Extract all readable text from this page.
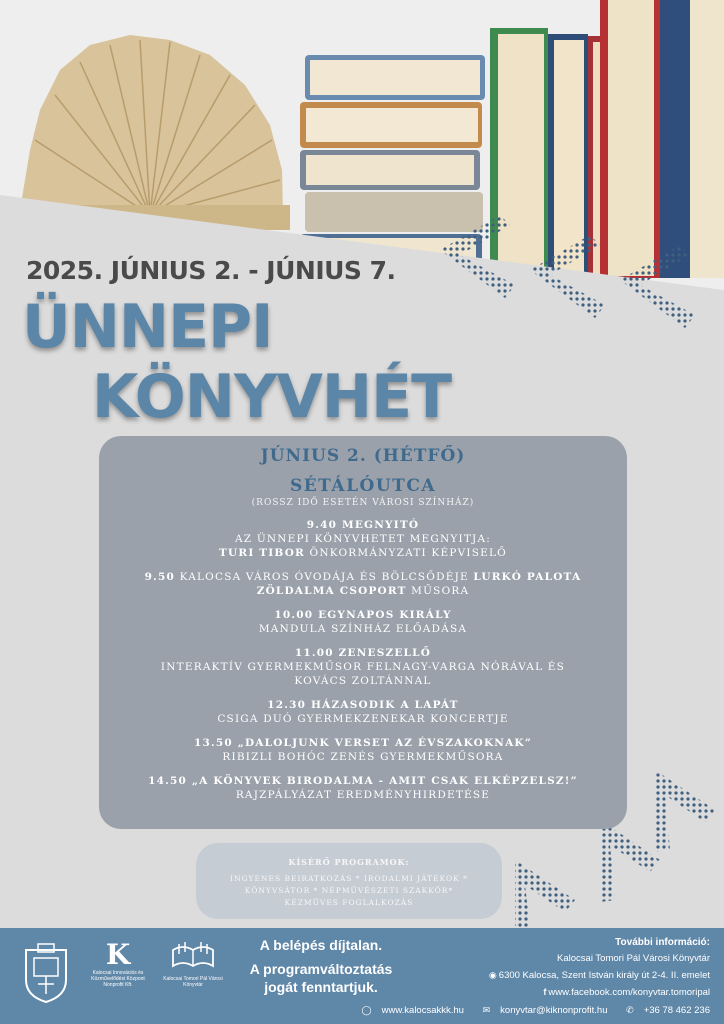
2025. JÚNIUS 2. - JÚNIUS 7.
ÜNNEPI
KÖNYVHÉT
JÚNIUS 2. (HÉTFŐ)
SÉTÁLÓUTCA
(ROSSZ IDŐ ESETÉN VÁROSI SZÍNHÁZ)
9.40 MEGNYITÓ
AZ ÜNNEPI KÖNYVHETET MEGNYITJA:
TURI TIBOR ÖNKORMÁNYZATI KÉPVISELŐ
9.50 KALOCSA VÁROS ÓVODÁJA ÉS BÖLCSŐDÉJE LURKÓ PALOTA
ZÖLDALMA CSOPORT MŰSORA
10.00 EGYNAPOS KIRÁLY
MANDULA SZÍNHÁZ ELŐADÁSA
11.00 ZENESZELLŐ
INTERAKTÍV GYERMEKMŰSOR FELNAGY-VARGA NÓRÁVAL ÉS
KOVÁCS ZOLTÁNNAL
12.30 HÁZASODIK A LAPÁT
CSIGA DUÓ GYERMEKZENEKAR KONCERTJE
13.50 „DALOLJUNK VERSET AZ ÉVSZAKOKNAK”
RIBIZLI BOHÓC ZENÉS GYERMEKMŰSORA
14.50 „A KÖNYVEK BIRODALMA - AMIT CSAK ELKÉPZELSZ!”
RAJZPÁLYÁZAT EREDMÉNYHIRDETÉSE
KÍSÉRŐ PROGRAMOK:
INGYENES BEIRATKOZÁS * IRODALMI JÁTÉKOK *
KÖNYVSÁTOR * NÉPMŰVÉSZETI SZAKKÖR*
KÉZMŰVES FOGLALKOZÁS
K
Kalocsai Innovációs és Közművelődési Központ Nonprofit Kft.
Kalocsai Tomori Pál Városi Könyvtár
A belépés díjtalan.
A programváltoztatás
jogát fenntartjuk.
További információ:
Kalocsai Tomori Pál Városi Könyvtár
◉ 6300 Kalocsa, Szent István király út 2-4. II. emelet
f www.facebook.com/konyvtar.tomoripal
◯ www.kalocsakkk.hu ✉ konyvtar@kiknonprofit.hu ✆ +36 78 462 236
